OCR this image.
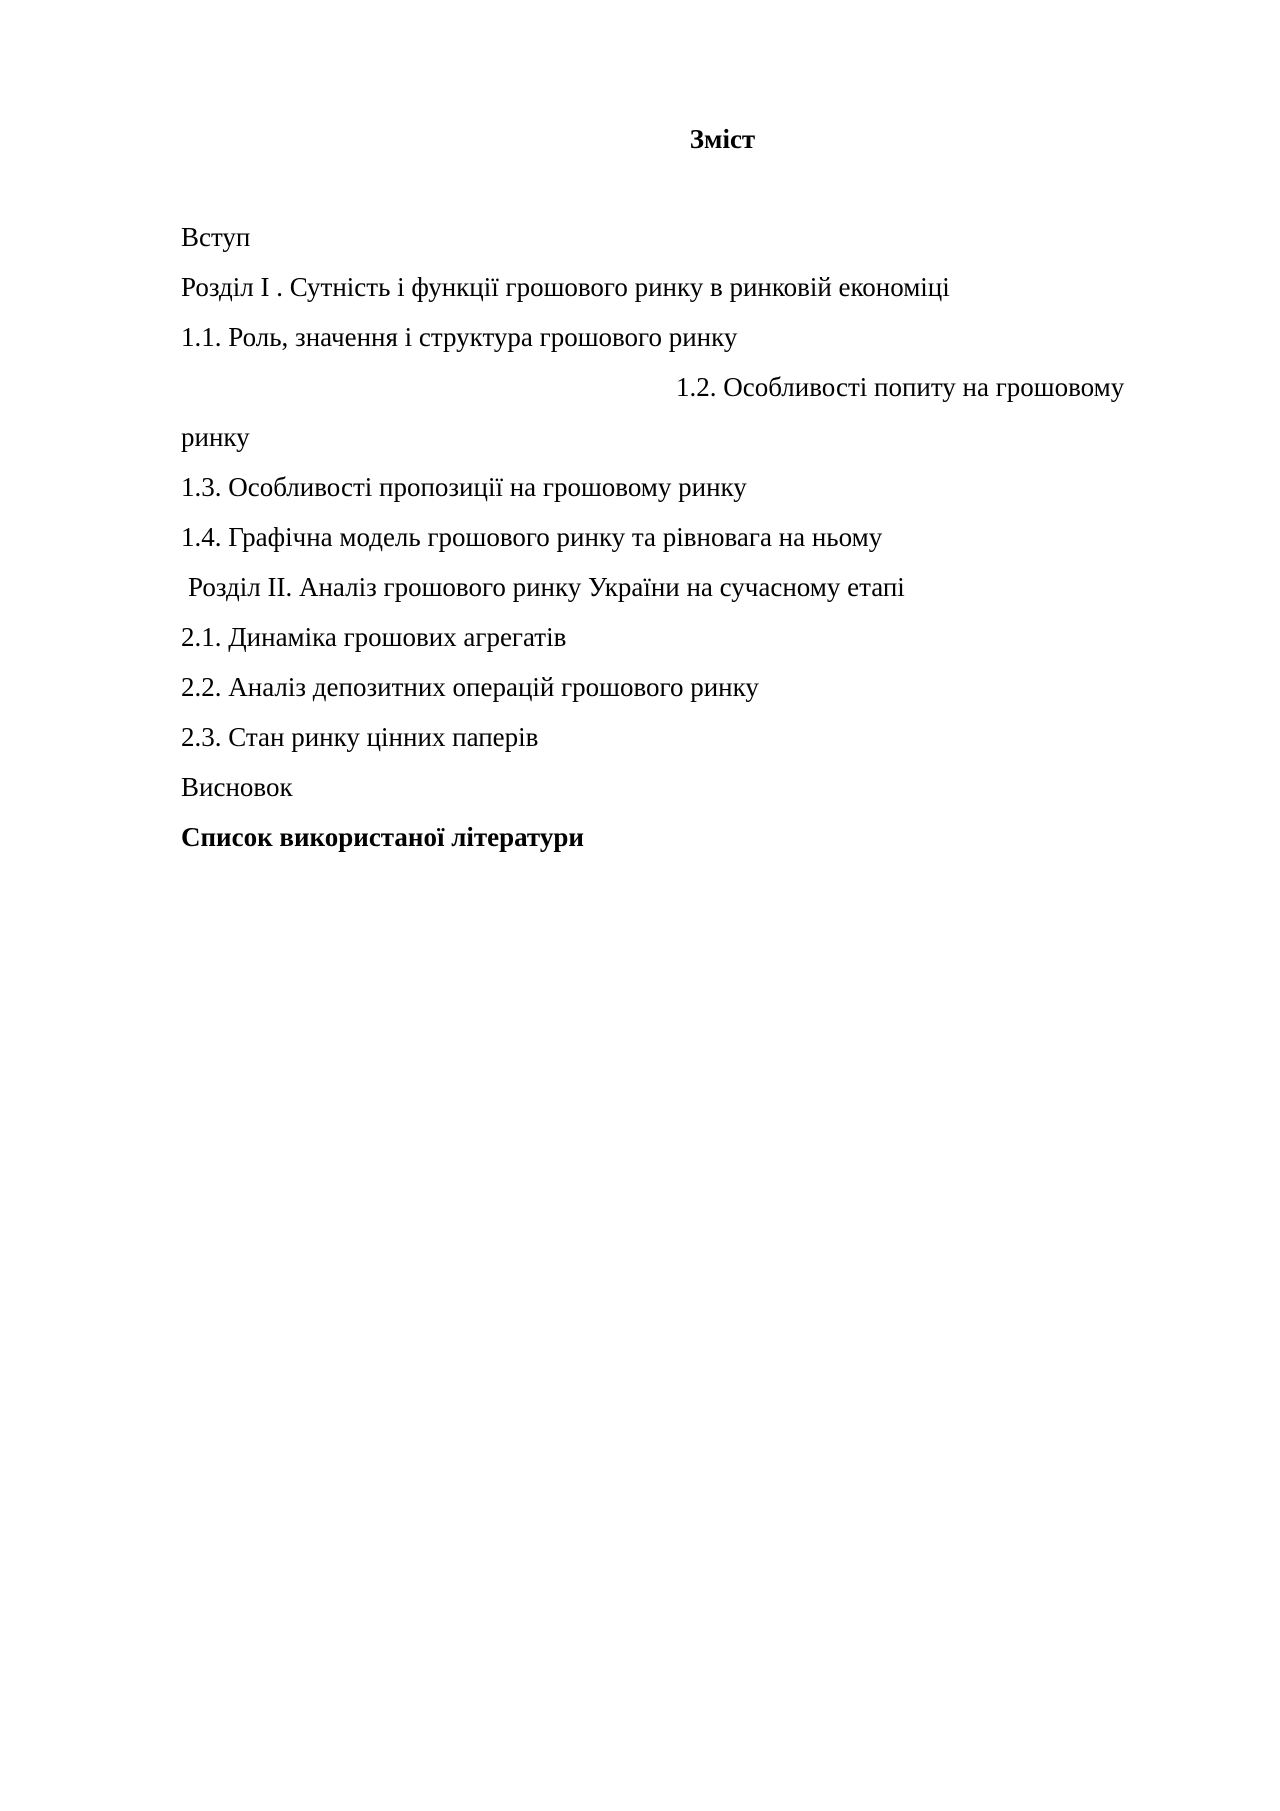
Зміст
Вступ
Розділ І . Сутність і функції грошового ринку в ринковій економіці
1.1. Роль, значення і структура грошового ринку
1.2. Особливості попиту на грошовому
ринку
1.3. Особливості пропозиції на грошовому ринку
1.4. Графічна модель грошового ринку та рівновага на ньому
Розділ ІІ. Аналіз грошового ринку України на сучасному етапі
2.1. Динаміка грошових агрегатів
2.2. Аналіз депозитних операцій грошового ринку
2.3. Стан ринку цінних паперів
Висновок
Список використаної літератури
